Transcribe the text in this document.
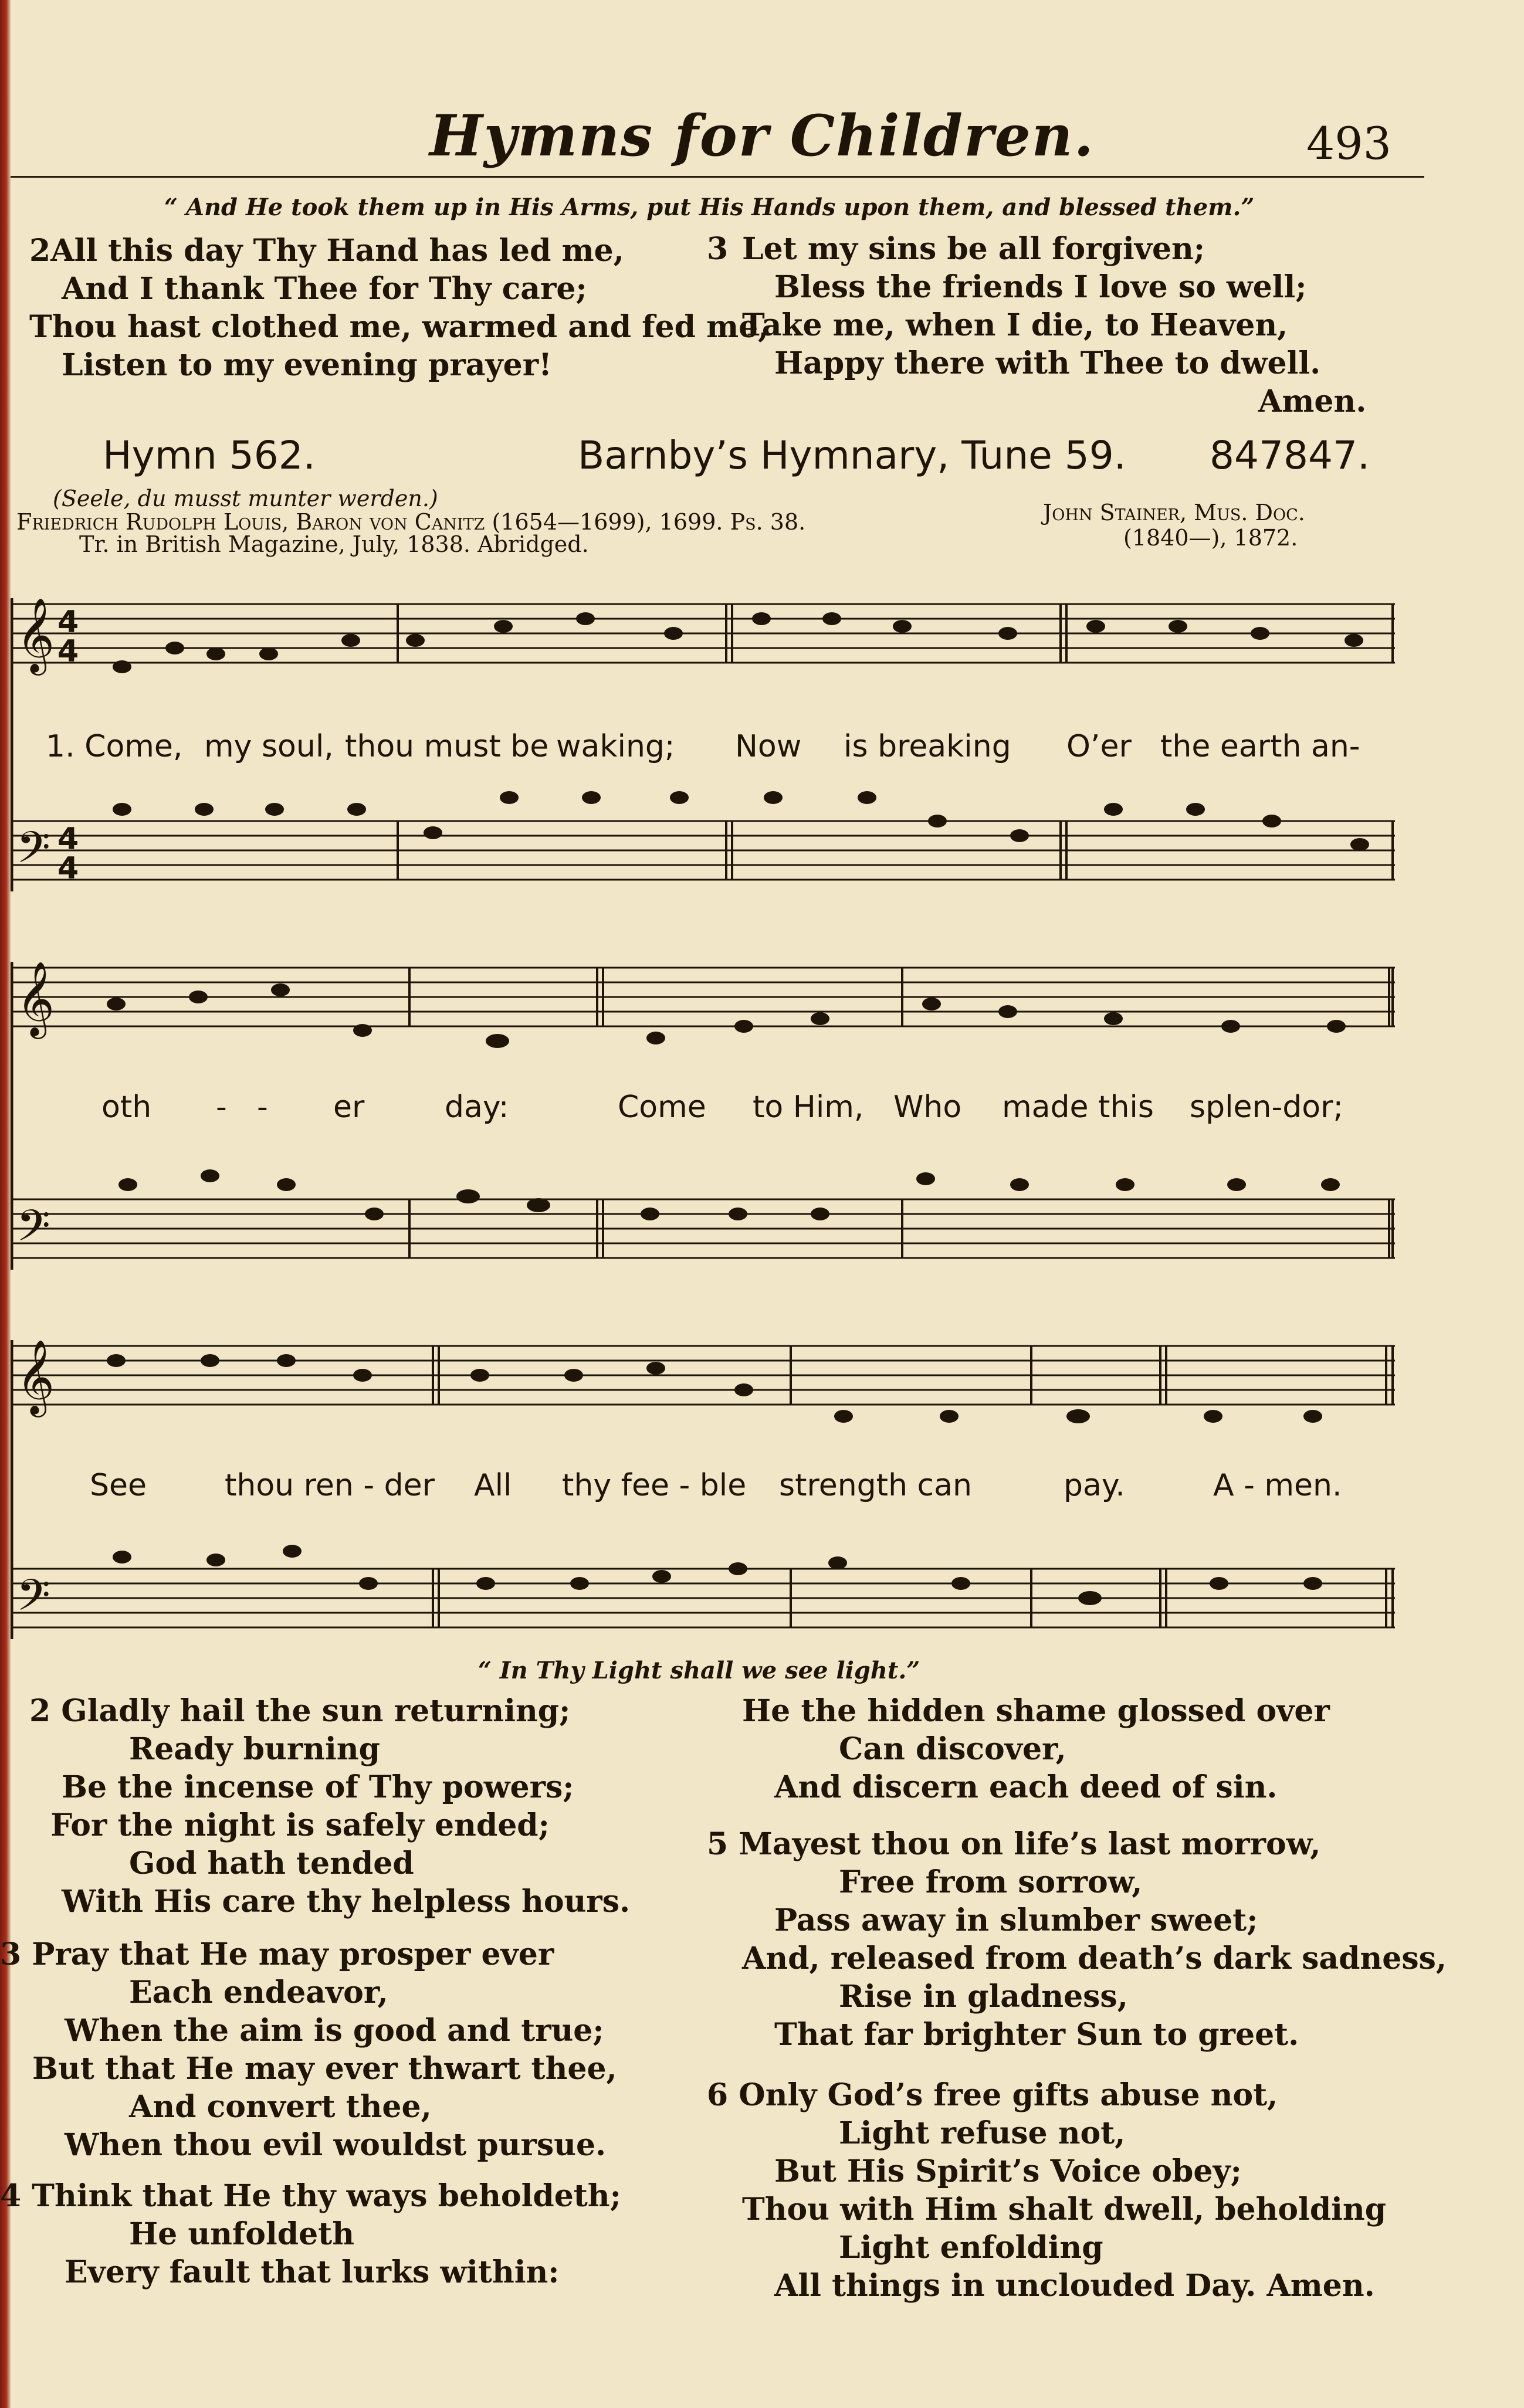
Hymns for Children.	493
“ And He took them up in His Arms, put His Hands upon them, and blessed them.”
2 All this day Thy Hand has led me,
And I thank Thee for Thy care;
Thou hast clothed me, warmed and fed me,
Listen to my evening prayer!
3 Let my sins be all forgiven;
Bless the friends I love so well;
Take me, when I die, to Heaven,
Happy there with Thee to dwell.
Amen.
Hymn 562.	Barnby’s Hymnary, Tune 59. 847847.
(Seele, du musst munter werden.)
Friedrich Rudolph Louis, Baron von Canitz (1654—1699), 1699. Ps. 38.
Tr. in British Magazine, July, 1838. Abridged.
John Stainer, Mus. Doc.
(1840—), 1872.
𝄞
𝄢
4
4
4
4
1. Come, my soul, thou must be waking; Now is breaking O’er the earth an-
𝄞
𝄢
oth - - er	day:	Come to Him, Who made this splen-dor;
𝄞
𝄢
See	thou ren - der All thy fee - ble strength can	pay.	A - men.
“ In Thy Light shall we see light.”
2 Gladly hail the sun returning;
Ready burning
Be the incense of Thy powers;
For the night is safely ended;
God hath tended
With His care thy helpless hours.
3 Pray that He may prosper ever
Each endeavor,
When the aim is good and true;
But that He may ever thwart thee,
And convert thee,
When thou evil wouldst pursue.
4 Think that He thy ways beholdeth;
He unfoldeth
Every fault that lurks within:
He the hidden shame glossed over
Can discover,
And discern each deed of sin.
5 Mayest thou on life’s last morrow,
Free from sorrow,
Pass away in slumber sweet;
And, released from death’s dark sadness,
Rise in gladness,
That far brighter Sun to greet.
6 Only God’s free gifts abuse not,
Light refuse not,
But His Spirit’s Voice obey;
Thou with Him shalt dwell, beholding
Light enfolding
All things in unclouded Day. Amen.
